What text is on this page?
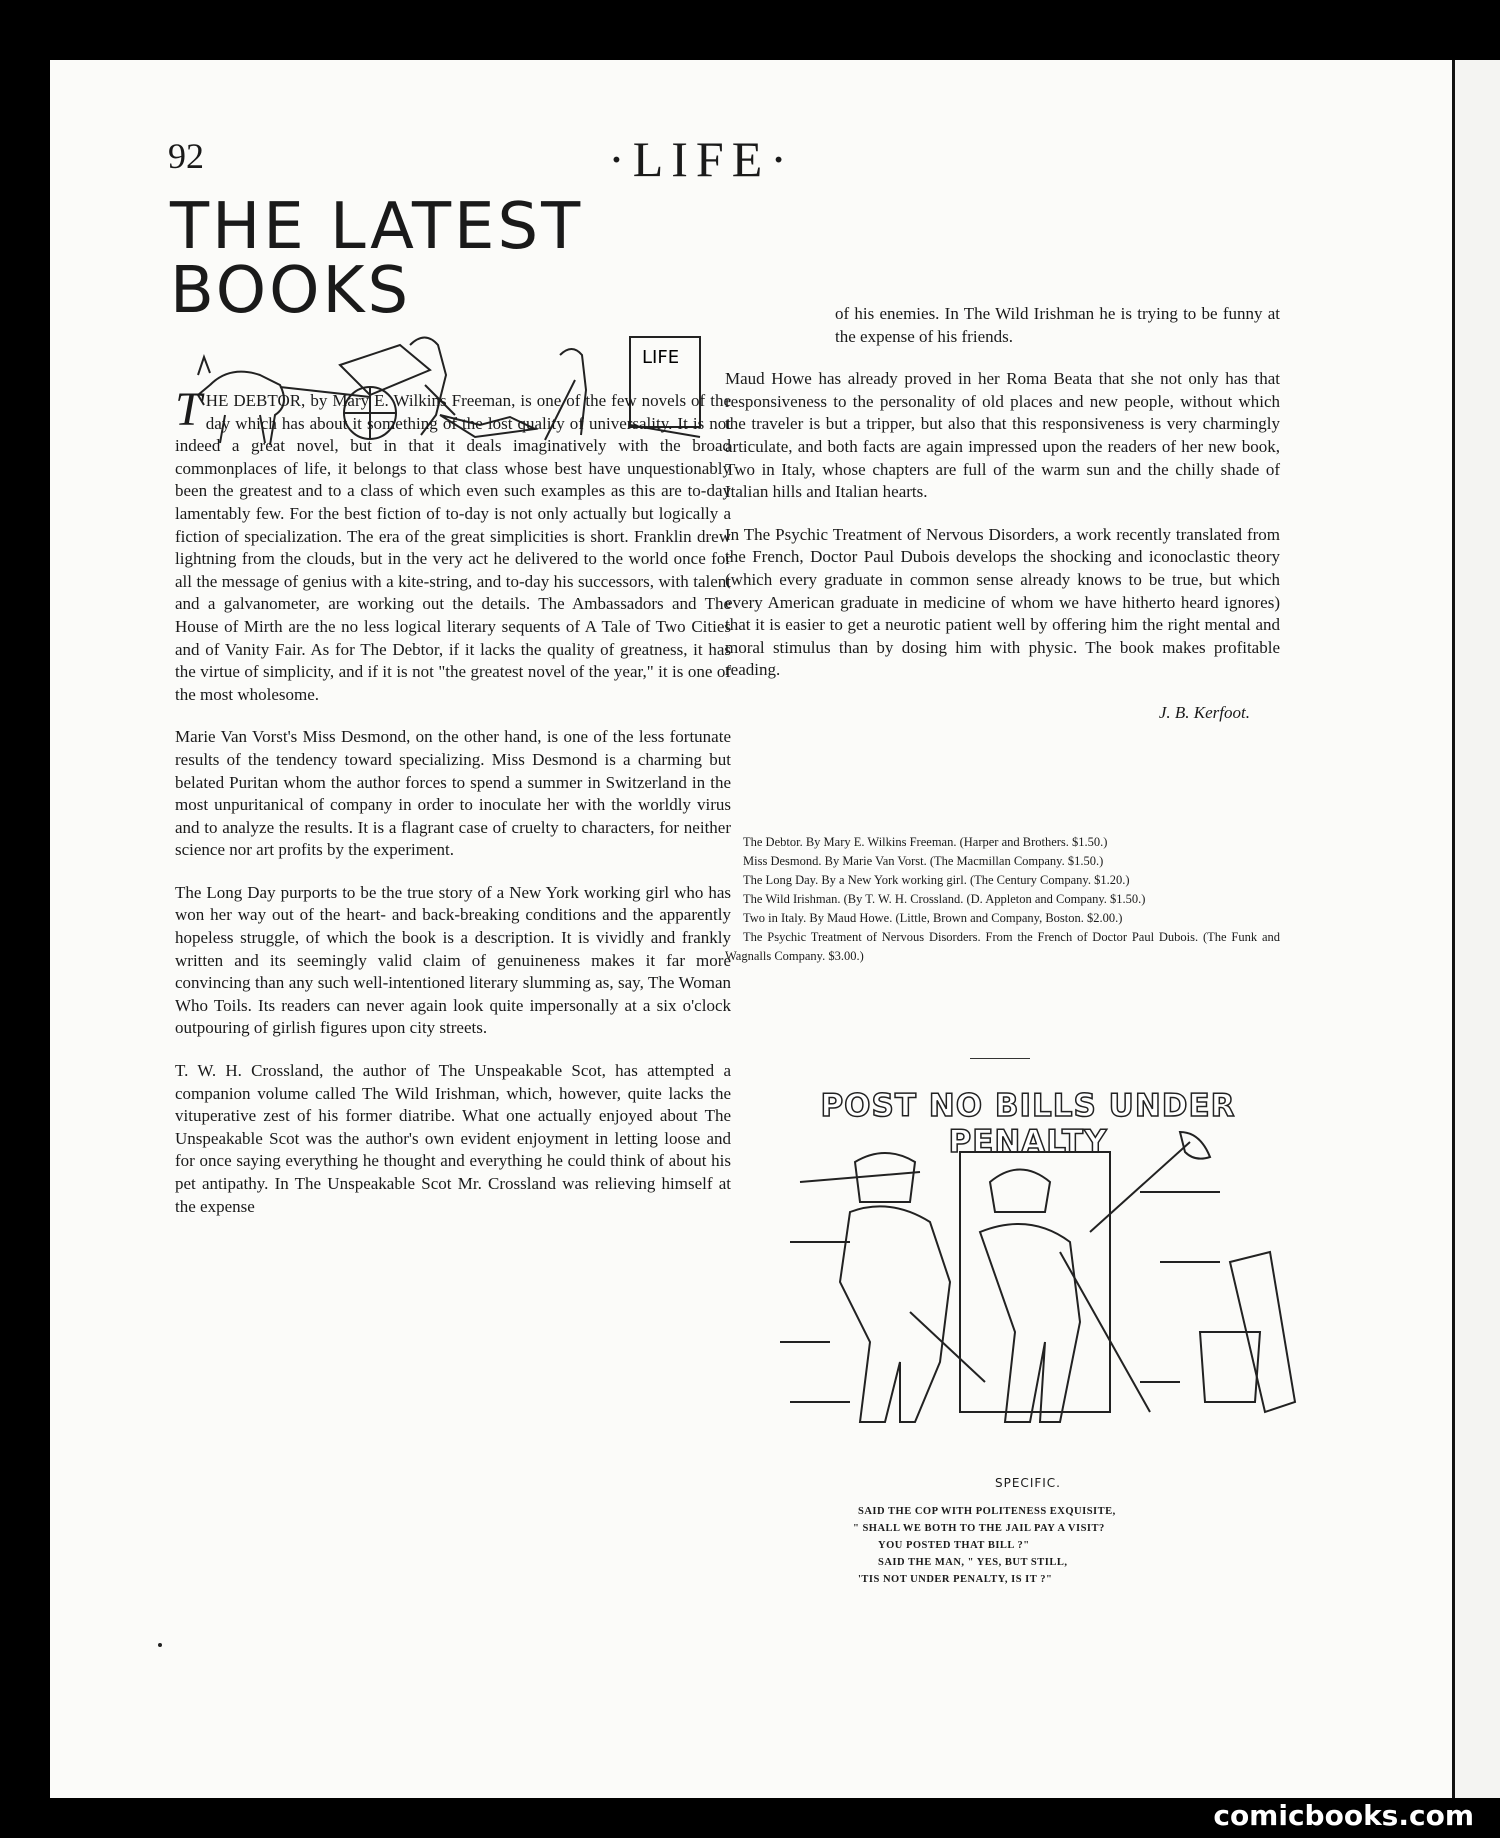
92	·LIFE·
THE LATEST BOOKS
LIFE

THE DEBTOR, by Mary E. Wilkins Freeman, is one of the few novels of the day which has about it something of the lost quality of universality. It is not indeed a great novel, but in that it deals imaginatively with the broad commonplaces of life, it belongs to that class whose best have unquestionably been the greatest and to a class of which even such examples as this are to-day lamentably few. For the best fiction of to-day is not only actually but logically a fiction of specialization. The era of the great simplicities is short. Franklin drew lightning from the clouds, but in the very act he delivered to the world once for all the message of genius with a kite-string, and to-day his successors, with talent and a galvanometer, are working out the details. The Ambassadors and The House of Mirth are the no less logical literary sequents of A Tale of Two Cities and of Vanity Fair. As for The Debtor, if it lacks the quality of greatness, it has the virtue of simplicity, and if it is not "the greatest novel of the year," it is one of the most wholesome.

Marie Van Vorst's Miss Desmond, on the other hand, is one of the less fortunate results of the tendency toward specializing. Miss Desmond is a charming but belated Puritan whom the author forces to spend a summer in Switzerland in the most unpuritanical of company in order to inoculate her with the worldly virus and to analyze the results. It is a flagrant case of cruelty to characters, for neither science nor art profits by the experiment.

The Long Day purports to be the true story of a New York working girl who has won her way out of the heart- and back-breaking conditions and the apparently hopeless struggle, of which the book is a description. It is vividly and frankly written and its seemingly valid claim of genuineness makes it far more convincing than any such well-intentioned literary slumming as, say, The Woman Who Toils. Its readers can never again look quite impersonally at a six o'clock outpouring of girlish figures upon city streets.

T. W. H. Crossland, the author of The Unspeakable Scot, has attempted a companion volume called The Wild Irishman, which, however, quite lacks the vituperative zest of his former diatribe. What one actually enjoyed about The Unspeakable Scot was the author's own evident enjoyment in letting loose and for once saying everything he thought and everything he could think of about his pet antipathy. In The Unspeakable Scot Mr. Crossland was relieving himself at the expense

of his enemies. In The Wild Irishman he is trying to be funny at the expense of his friends.

Maud Howe has already proved in her Roma Beata that she not only has that responsiveness to the personality of old places and new people, without which the traveler is but a tripper, but also that this responsiveness is very charmingly articulate, and both facts are again impressed upon the readers of her new book, Two in Italy, whose chapters are full of the warm sun and the chilly shade of Italian hills and Italian hearts.

In The Psychic Treatment of Nervous Disorders, a work recently translated from the French, Doctor Paul Dubois develops the shocking and iconoclastic theory (which every graduate in common sense already knows to be true, but which every American graduate in medicine of whom we have hitherto heard ignores) that it is easier to get a neurotic patient well by offering him the right mental and moral stimulus than by dosing him with physic. The book makes profitable reading.

J. B. Kerfoot.

The Debtor. By Mary E. Wilkins Freeman. (Harper and Brothers. $1.50.)
Miss Desmond. By Marie Van Vorst. (The Macmillan Company. $1.50.)
The Long Day. By a New York working girl. (The Century Company. $1.20.)
The Wild Irishman. (By T. W. H. Crossland. (D. Appleton and Company. $1.50.)
Two in Italy. By Maud Howe. (Little, Brown and Company, Boston. $2.00.)
The Psychic Treatment of Nervous Disorders. From the French of Doctor Paul Dubois. (The Funk and Wagnalls Company. $3.00.)
POST NO BILLS UNDER PENALTY
SPECIFIC.
SAID THE COP WITH POLITENESS EXQUISITE,
" SHALL WE BOTH TO THE JAIL PAY A VISIT?
YOU POSTED THAT BILL ?"
SAID THE MAN, " YES, BUT STILL,
'TIS NOT UNDER PENALTY, IS IT ?"
comicbooks.com
